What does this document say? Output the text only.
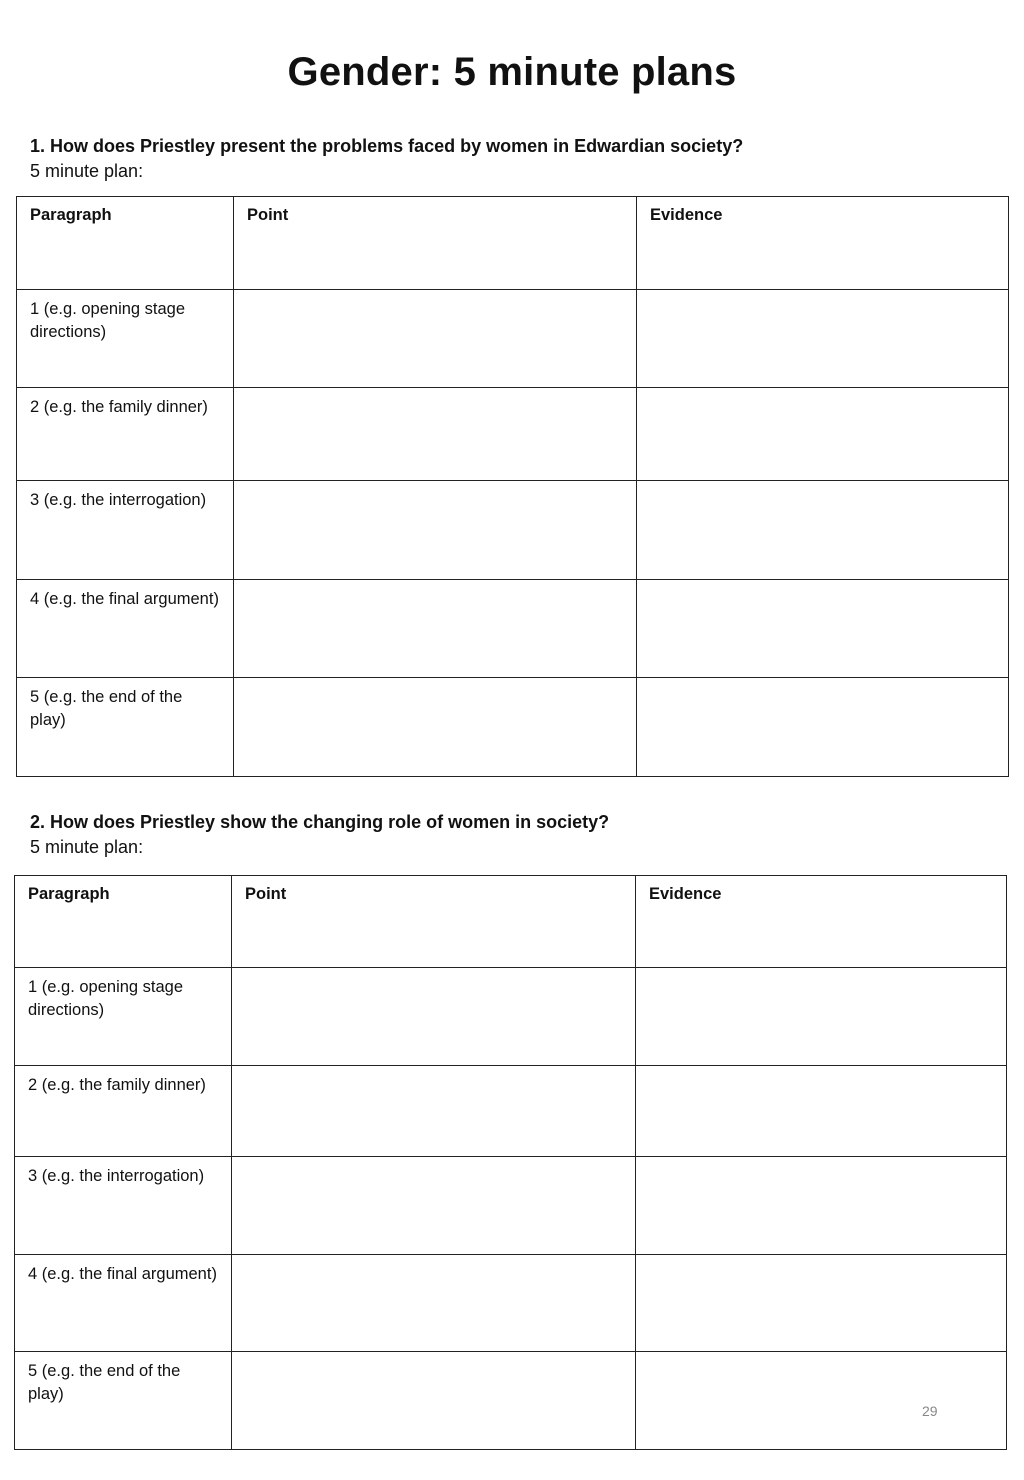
Gender: 5 minute plans
1. How does Priestley present the problems faced by women in Edwardian society?
5 minute plan:
Paragraph	Point	Evidence
1 (e.g. opening stage directions)		
2 (e.g. the family dinner)		
3 (e.g. the interrogation)		
4 (e.g. the final argument)		
5 (e.g. the end of the play)		
2. How does Priestley show the changing role of women in society?
5 minute plan:
Paragraph	Point	Evidence
1 (e.g. opening stage directions)		
2 (e.g. the family dinner)		
3 (e.g. the interrogation)		
4 (e.g. the final argument)		
5 (e.g. the end of the play)		
29
